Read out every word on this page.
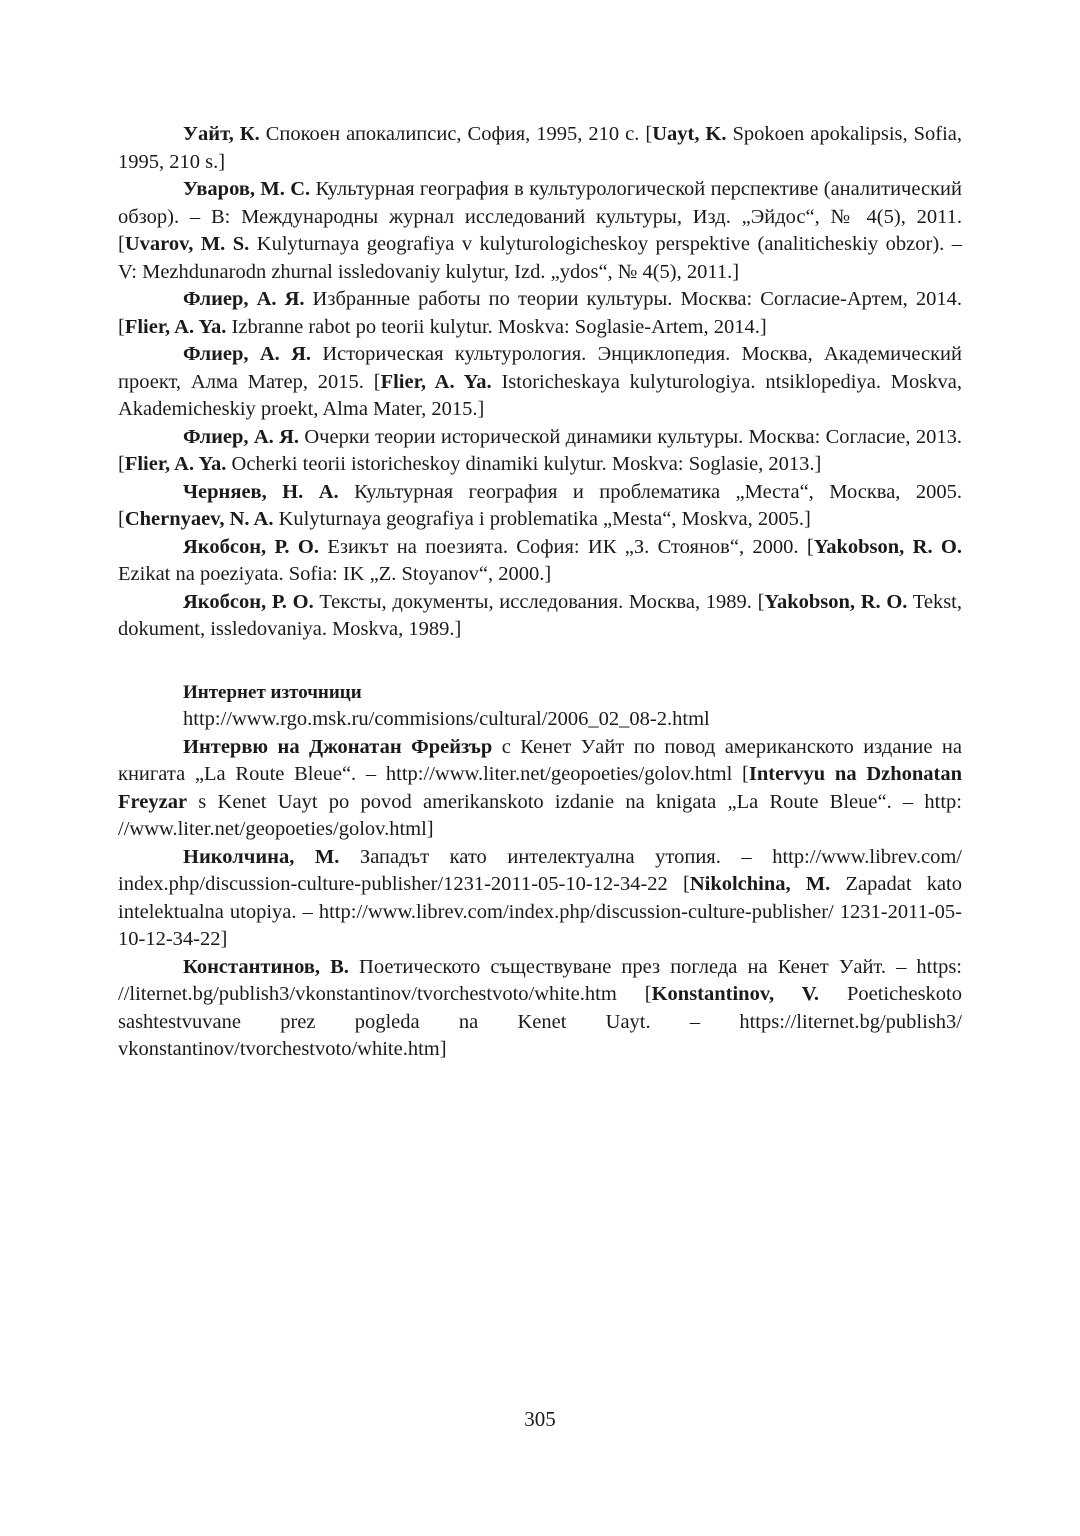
Уайт, К. Спокоен апокалипсис, София, 1995, 210 с. [Uayt, K. Spokoen apokalipsis, Sofia, 1995, 210 s.]

Уваров, М. С. Культурная география в культурологической перспективе (аналитический обзор). – В: Международны журнал исследований культуры, Изд. „Эйдос“, № 4(5), 2011. [Uvarov, M. S. Kulyturnaya geografiya v kulyturologicheskoy perspektive (analiticheskiy obzor). – V: Mezhdunarodn zhurnal issledovaniy kulytur, Izd. „ydos“, № 4(5), 2011.]

Флиер, А. Я. Избранные работы по теории культуры. Москва: Согласие-Артем, 2014. [Flier, A. Ya. Izbranne rabot po teorii kulytur. Moskva: Soglasie-Artem, 2014.]

Флиер, А. Я. Историческая культурология. Энциклопедия. Москва, Академический проект, Алма Матер, 2015. [Flier, A. Ya. Istoricheskaya kulyturologiya. ntsiklopediya. Moskva, Akademicheskiy proekt, Alma Mater, 2015.]

Флиер, А. Я. Очерки теории исторической динамики культуры. Москва: Согласие, 2013. [Flier, A. Ya. Ocherki teorii istoricheskoy dinamiki kulytur. Moskva: Soglasie, 2013.]

Черняев, Н. А. Культурная география и проблематика „Места“, Москва, 2005. [Chernyaev, N. A. Kulyturnaya geografiya i problematika „Mesta“, Moskva, 2005.]

Якобсон, Р. О. Езикът на поезията. София: ИК „З. Стоянов“, 2000. [Yakobson, R. O. Ezikat na poeziyata. Sofia: IK „Z. Stoyanov“, 2000.]

Якобсон, Р. О. Тексты, документы, исследования. Москва, 1989. [Yakobson, R. O. Tekst, dokument, issledovaniya. Moskva, 1989.]

Интернет източници

http://www.rgo.msk.ru/commisions/cultural/2006_02_08-2.html

Интервю на Джонатан Фрейзър с Кенет Уайт по повод американското издание на книгата „La Route Bleue“. – http://www.liter.net/geopoeties/golov.html [Intervyu na Dzhonatan Freyzar s Kenet Uayt po povod amerikanskoto izdanie na knigata „La Route Bleue“. – http: //www.liter.net/geopoeties/golov.html]

Николчина, М. Западът като интелектуална утопия. – http://www.librev.com/ index.php/discussion-culture-publisher/1231-2011-05-10-12-34-22 [Nikolchina, M. Zapadat kato intelektualna utopiya. – http://www.librev.com/index.php/discussion-culture-publisher/ 1231-2011-05-10-12-34-22]

Константинов, В. Поетическото съществуване през погледа на Кенет Уайт. – https: //liternet.bg/publish3/vkonstantinov/tvorchestvoto/white.htm [Konstantinov, V. Poeticheskoto sashtestvuvane prez pogleda na Kenet Uayt. – https://liternet.bg/publish3/ vkonstantinov/tvorchestvoto/white.htm]

305
